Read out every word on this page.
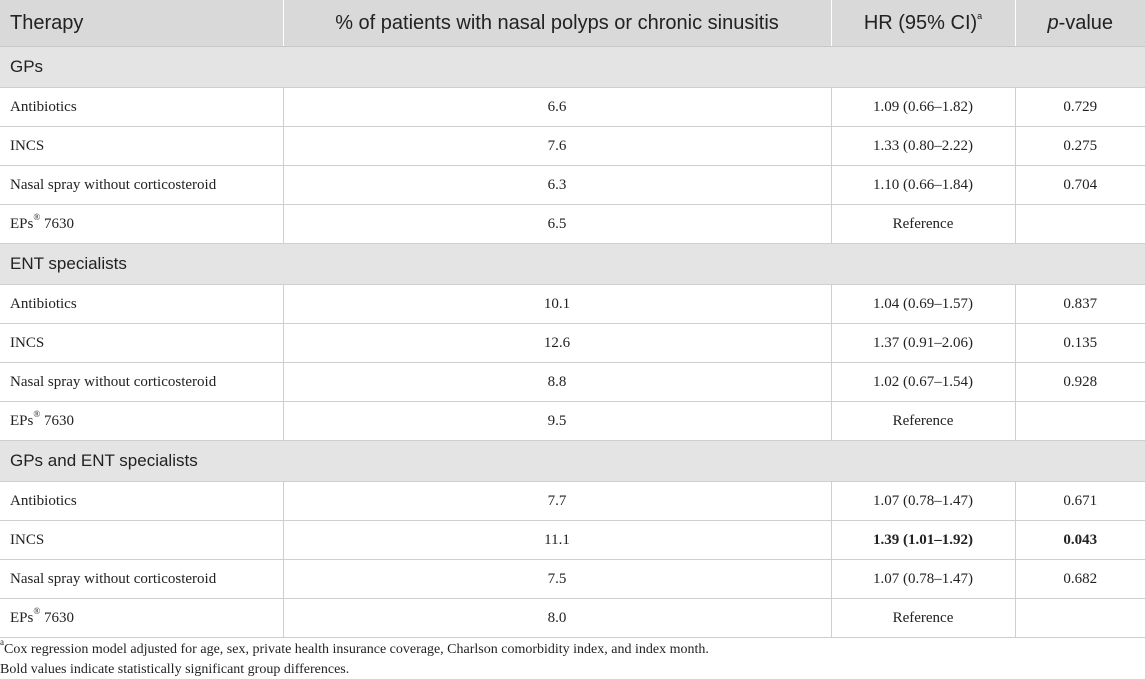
Therapy	% of patients with nasal polyps or chronic sinusitis	HR (95% CI)$^a$	p-value
GPs			
Antibiotics	6.6	1.09 (0.66–1.82)	0.729
INCS	7.6	1.33 (0.80–2.22)	0.275
Nasal spray without corticosteroid	6.3	1.10 (0.66–1.84)	0.704
EPs® 7630	6.5	Reference	
ENT specialists			
Antibiotics	10.1	1.04 (0.69–1.57)	0.837
INCS	12.6	1.37 (0.91–2.06)	0.135
Nasal spray without corticosteroid	8.8	1.02 (0.67–1.54)	0.928
EPs® 7630	9.5	Reference	
GPs and ENT specialists			
Antibiotics	7.7	1.07 (0.78–1.47)	0.671
INCS	11.1	1.39 (1.01–1.92)	0.043
Nasal spray without corticosteroid	7.5	1.07 (0.78–1.47)	0.682
EPs® 7630	8.0	Reference	
$^a$Cox regression model adjusted for age, sex, private health insurance coverage, Charlson comorbidity index, and index month.
Bold values indicate statistically significant group differences.
